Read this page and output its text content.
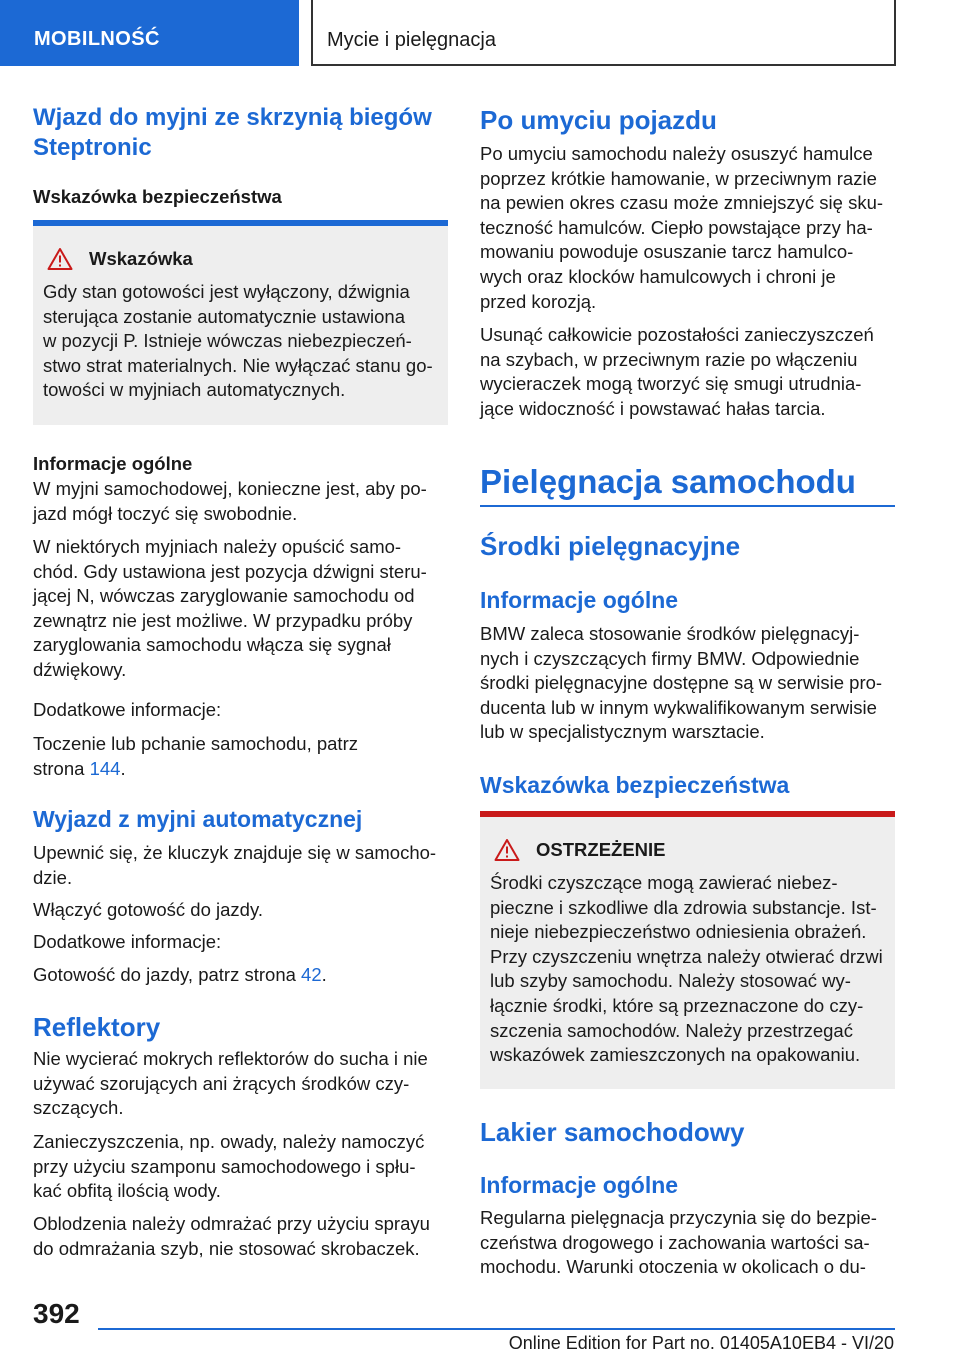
MOBILNOŚĆ	Mycie i pielęgnacja
Wjazd do myjni ze skrzynią biegów
Steptronic
Wskazówka bezpieczeństwa
Wskazówka
Gdy stan gotowości jest wyłączony, dźwignia
sterująca zostanie automatycznie ustawiona
w pozycji P. Istnieje wówczas niebezpieczeń‐
stwo strat materialnych. Nie wyłączać stanu go‐
towości w myjniach automatycznych.
Informacje ogólne
W myjni samochodowej, konieczne jest, aby po‐
jazd mógł toczyć się swobodnie.
W niektórych myjniach należy opuścić samo‐
chód. Gdy ustawiona jest pozycja dźwigni steru‐
jącej N, wówczas zaryglowanie samochodu od
zewnątrz nie jest możliwe. W przypadku próby
zaryglowania samochodu włącza się sygnał
dźwiękowy.
Dodatkowe informacje:
Toczenie lub pchanie samochodu, patrz
strona 144.
Wyjazd z myjni automatycznej
Upewnić się, że kluczyk znajduje się w samocho‐
dzie.
Włączyć gotowość do jazdy.
Dodatkowe informacje:
Gotowość do jazdy, patrz strona 42.
Reflektory
Nie wycierać mokrych reflektorów do sucha i nie
używać szorujących ani żrących środków czy‐
szczących.
Zanieczyszczenia, np. owady, należy namoczyć
przy użyciu szamponu samochodowego i spłu‐
kać obfitą ilością wody.
Oblodzenia należy odmrażać przy użyciu sprayu
do odmrażania szyb, nie stosować skrobaczek.
Po umyciu pojazdu
Po umyciu samochodu należy osuszyć hamulce
poprzez krótkie hamowanie, w przeciwnym razie
na pewien okres czasu może zmniejszyć się sku‐
teczność hamulców. Ciepło powstające przy ha‐
mowaniu powoduje osuszanie tarcz hamulco‐
wych oraz klocków hamulcowych i chroni je
przed korozją.
Usunąć całkowicie pozostałości zanieczyszczeń
na szybach, w przeciwnym razie po włączeniu
wycieraczek mogą tworzyć się smugi utrudnia‐
jące widoczność i powstawać hałas tarcia.
Pielęgnacja samochodu
Środki pielęgnacyjne
Informacje ogólne
BMW zaleca stosowanie środków pielęgnacyj‐
nych i czyszczących firmy BMW. Odpowiednie
środki pielęgnacyjne dostępne są w serwisie pro‐
ducenta lub w innym wykwalifikowanym serwisie
lub w specjalistycznym warsztacie.
Wskazówka bezpieczeństwa
OSTRZEŻENIE
Środki czyszczące mogą zawierać niebez‐
pieczne i szkodliwe dla zdrowia substancje. Ist‐
nieje niebezpieczeństwo odniesienia obrażeń.
Przy czyszczeniu wnętrza należy otwierać drzwi
lub szyby samochodu. Należy stosować wy‐
łącznie środki, które są przeznaczone do czy‐
szczenia samochodów. Należy przestrzegać
wskazówek zamieszczonych na opakowaniu.
Lakier samochodowy
Informacje ogólne
Regularna pielęgnacja przyczynia się do bezpie‐
czeństwa drogowego i zachowania wartości sa‐
mochodu. Warunki otoczenia w okolicach o du‐
392
Online Edition for Part no. 01405A10EB4 - VI/20
